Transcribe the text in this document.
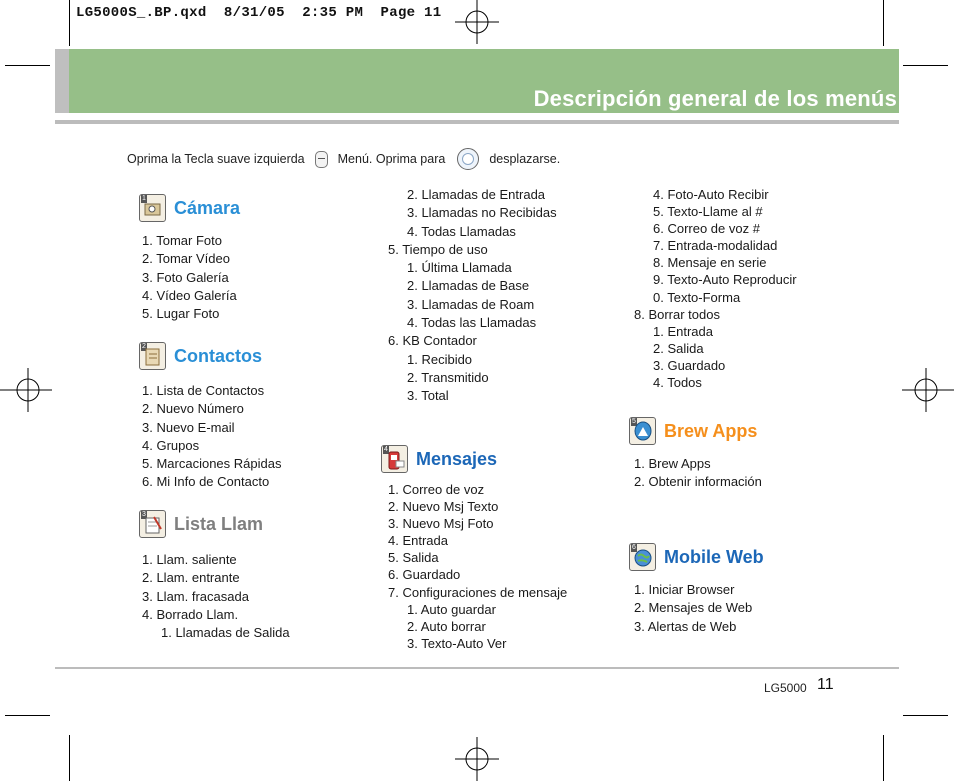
LG5000S_.BP.qxd  8/31/05  2:35 PM  Page 11
Descripción general de los menús
Oprima la Tecla suave izquierda	Menú. Oprima para	desplazarse.
1 Cámara
1. Tomar Foto
2. Tomar Vídeo
3. Foto Galería
4. Vídeo Galería
5. Lugar Foto
2 Contactos
1. Lista de Contactos
2. Nuevo Número
3. Nuevo E-mail
4. Grupos
5. Marcaciones Rápidas
6. Mi Info de Contacto
3 Lista Llam
1. Llam. saliente
2. Llam. entrante
3. Llam. fracasada
4. Borrado Llam.
1. Llamadas de Salida
2. Llamadas de Entrada
3. Llamadas no Recibidas
4. Todas Llamadas
5. Tiempo de uso
1. Última Llamada
2. Llamadas de Base
3. Llamadas de Roam
4. Todas las Llamadas
6. KB Contador
1. Recibido
2. Transmitido
3. Total
4 Mensajes
1. Correo de voz
2. Nuevo Msj Texto
3. Nuevo Msj Foto
4. Entrada
5. Salida
6. Guardado
7. Configuraciones de mensaje
1. Auto guardar
2. Auto borrar
3. Texto-Auto Ver
4. Foto-Auto Recibir
5. Texto-Llame al #
6. Correo de voz #
7. Entrada-modalidad
8. Mensaje en serie
9. Texto-Auto Reproducir
0. Texto-Forma
8. Borrar todos
1. Entrada
2. Salida
3. Guardado
4. Todos
5 Brew Apps
1. Brew Apps
2. Obtenir información
6 Mobile Web
1. Iniciar Browser
2. Mensajes de Web
3. Alertas de Web
LG5000 11
